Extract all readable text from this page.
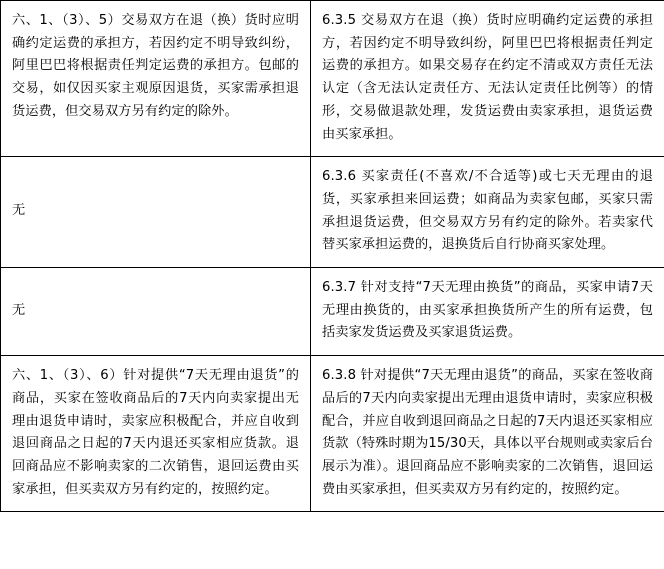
六、1、（3）、5）交易双方在退（换）货时应明确约定运费的承担方，若因约定不明导致纠纷，阿里巴巴将根据责任判定运费的承担方。包邮的交易，如仅因买家主观原因退货，买家需承担退货运费，但交易双方另有约定的除外。	6.3.5 交易双方在退（换）货时应明确约定运费的承担方，若因约定不明导致纠纷，阿里巴巴将根据责任判定运费的承担方。如果交易存在约定不清或双方责任无法认定（含无法认定责任方、无法认定责任比例等）的情形，交易做退款处理，发货运费由卖家承担，退货运费由买家承担。
无	6.3.6 买家责任(不喜欢/不合适等)或七天无理由的退货，买家承担来回运费；如商品为卖家包邮，买家只需承担退货运费，但交易双方另有约定的除外。若卖家代替买家承担运费的，退换货后自行协商买家处理。
无	6.3.7 针对支持“7天无理由换货”的商品，买家申请7天无理由换货的，由买家承担换货所产生的所有运费，包括卖家发货运费及买家退货运费。
六、1、（3）、6）针对提供“7天无理由退货”的商品，买家在签收商品后的7天内向卖家提出无理由退货申请时，卖家应积极配合，并应自收到退回商品之日起的7天内退还买家相应货款。退回商品应不影响卖家的二次销售，退回运费由买家承担，但买卖双方另有约定的，按照约定。	6.3.8 针对提供“7天无理由退货”的商品，买家在签收商品后的7天内向卖家提出无理由退货申请时，卖家应积极配合，并应自收到退回商品之日起的7天内退还买家相应货款（特殊时期为15/30天，具体以平台规则或卖家后台展示为准）。退回商品应不影响卖家的二次销售，退回运费由买家承担，但买卖双方另有约定的，按照约定。
